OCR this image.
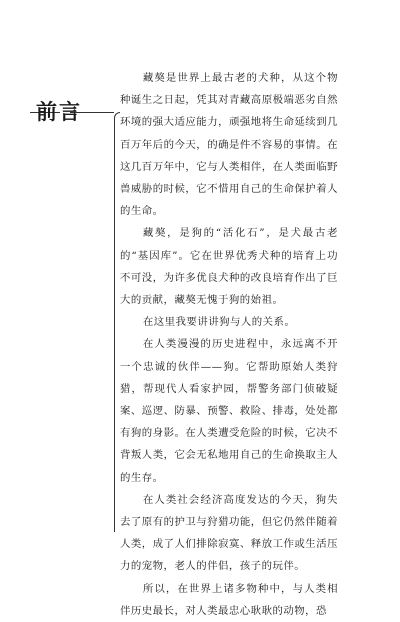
前言

藏獒是世界上最古老的犬种，从这个物种诞生之日起，凭其对青藏高原极端恶劣自然环境的强大适应能力，顽强地将生命延续到几百万年后的今天，的确是件不容易的事情。在这几百万年中，它与人类相伴，在人类面临野兽威胁的时候，它不惜用自己的生命保护着人的生命。

藏獒，是狗的“活化石”，是犬最古老的“基因库”。它在世界优秀犬种的培育上功不可没，为许多优良犬种的改良培育作出了巨大的贡献，藏獒无愧于狗的始祖。

在这里我要讲讲狗与人的关系。

在人类漫漫的历史进程中，永远离不开一个忠诚的伙伴——狗。它帮助原始人类狩猎，帮现代人看家护园，帮警务部门侦破疑案、巡逻、防暴、预警、救险、排毒，处处都有狗的身影。在人类遭受危险的时候，它决不背叛人类，它会无私地用自己的生命换取主人的生存。

在人类社会经济高度发达的今天，狗失去了原有的护卫与狩猎功能，但它仍然伴随着人类，成了人们排除寂寞、释放工作或生活压力的宠物，老人的伴侣，孩子的玩伴。

所以，在世界上诸多物种中，与人类相伴历史最长，对人类最忠心耿耿的动物，恐
